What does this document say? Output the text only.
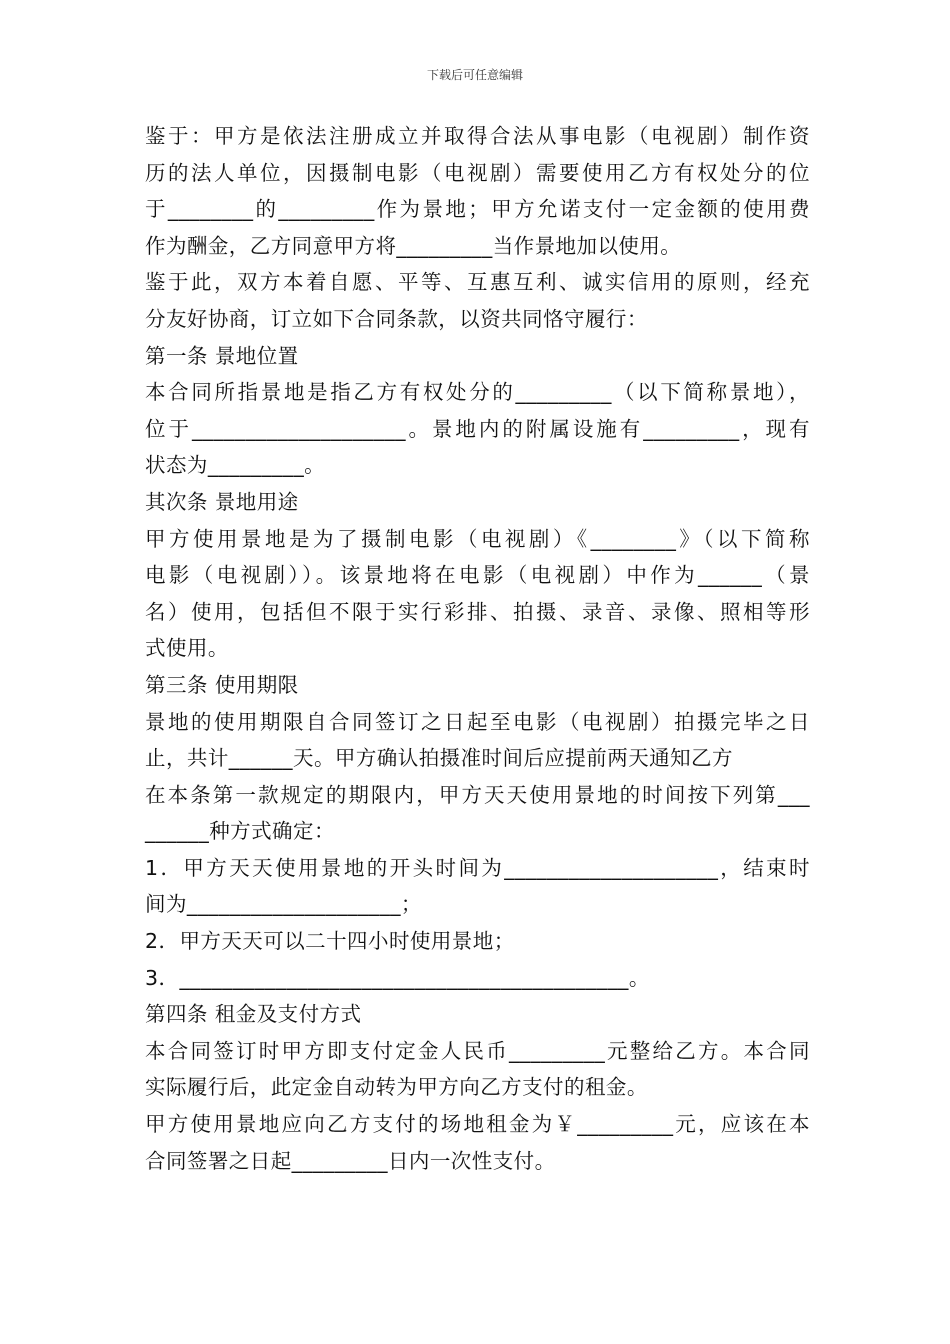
下载后可任意编辑
鉴于：甲方是依法注册成立并取得合法从事电影（电视剧）制作资
历的法人单位，因摄制电影（电视剧）需要使用乙方有权处分的位
于________的_________作为景地；甲方允诺支付一定金额的使用费
作为酬金，乙方同意甲方将_________当作景地加以使用。
鉴于此，双方本着自愿、平等、互惠互利、诚实信用的原则，经充
分友好协商，订立如下合同条款，以资共同恪守履行：
第一条 景地位置
本合同所指景地是指乙方有权处分的_________（以下简称景地），
位于____________________。景地内的附属设施有_________，现有
状态为_________。
其次条 景地用途
甲方使用景地是为了摄制电影（电视剧）《________》（以下简称
电影（电视剧））。该景地将在电影（电视剧）中作为______（景
名）使用，包括但不限于实行彩排、拍摄、录音、录像、照相等形
式使用。
第三条 使用期限
景地的使用期限自合同签订之日起至电影（电视剧）拍摄完毕之日
止，共计______天。甲方确认拍摄准时间后应提前两天通知乙方
在本条第一款规定的期限内，甲方天天使用景地的时间按下列第___
______种方式确定：
1．甲方天天使用景地的开头时间为____________________，结束时
间为____________________；
2．甲方天天可以二十四小时使用景地；
3．__________________________________________。
第四条 租金及支付方式
本合同签订时甲方即支付定金人民币_________元整给乙方。本合同
实际履行后，此定金自动转为甲方向乙方支付的租金。
甲方使用景地应向乙方支付的场地租金为￥_________元，应该在本
合同签署之日起_________日内一次性支付。
